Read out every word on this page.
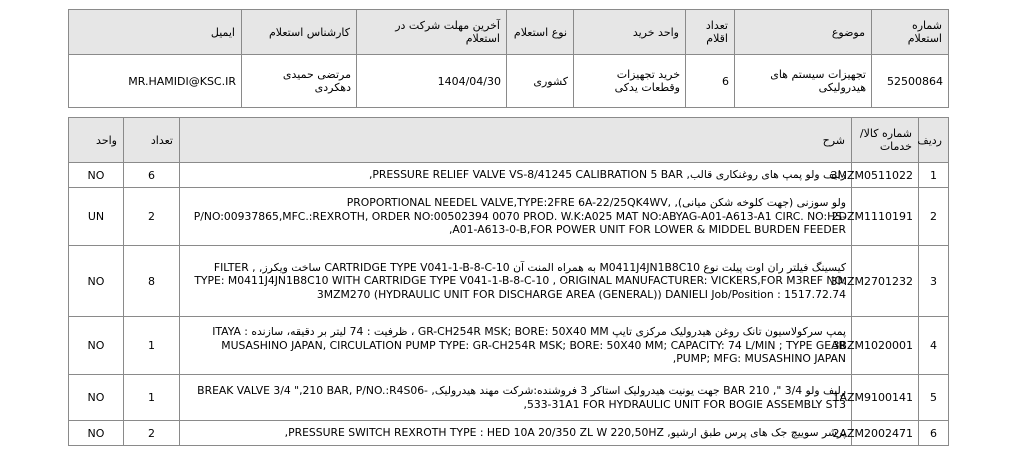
شماره استعلام	موضوع	تعداد اقلام	واحد خرید	نوع استعلام	آخرین مهلت شرکت در استعلام	کارشناس استعلام	ایمیل
52500864	تجهیزات سیستم های هیدرولیکی	6	خرید تجهیزات وقطعات یدکی	کشوری	1404/04/30	مرتضی حمیدی دهکردی	MR.HAMIDI@KSC.IR
ردیف	شماره کالا/خدمات	شرح	تعداد	واحد
1	3MZM0511022	رلیف ولو پمپ های روغنکاری قالب, PRESSURE RELIEF VALVE VS-8/41245 CALIBRATION 5 BAR,	6	NO
2	2DZM1110191	ولو سوزنی (جهت کلوخه شکن میانی), PROPORTIONAL NEEDEL VALVE,TYPE:2FRE 6A-22/25QK4WV, P/NO:00937865,MFC.:REXROTH, ORDER NO:00502394 0070 PROD. W.K:A025 MAT NO:ABYAG-A01-A613-A1 CIRC. NO:HS-A01-A613-0-B,FOR POWER UNIT FOR LOWER & MIDDEL BURDEN FEEDER,	2	UN
3	3MZM2701232	کیسینگ فیلتر ران اوت پیلت نوع M0411J4JN1B8C10 به همراه المنت آن CARTRIDGE TYPE V041-1-B-8-C-10 ساخت ویکرز, FILTER , TYPE: M0411J4JN1B8C10 WITH CARTRIDGE TYPE V041-1-B-8-C-10 , ORIGINAL MANUFACTURER: VICKERS,FOR M3REF NO. 3MZM270 (HYDRAULIC UNIT FOR DISCHARGE AREA (GENERAL)) DANIELI Job/Position : 1517.72.74	8	NO
4	3BZM1020001	پمپ سرکولاسیون تانک روغن هیدرولیک مرکزی تایپ GR-CH254R MSK; BORE: 50X40 MM ، ظرفیت : 74 لیتر بر دقیقه، سازنده : ITAYA MUSASHINO JAPAN, CIRCULATION PUMP TYPE: GR-CH254R MSK; BORE: 50X40 MM; CAPACITY: 74 L/MIN ; TYPE GEAR PUMP; MFG: MUSASHINO JAPAN,	1	NO
5	1AZM9100141	رلیف ولو 3/4 ", 210 BAR جهت یونیت هیدرولیک استاکر 3 فروشنده:شرکت مهند هیدرولیک, BREAK VALVE 3/4 ",210 BAR, P/NO.:R4S06-533-31A1 FOR HYDRAULIC UNIT FOR BOGIE ASSEMBLY ST3,	1	NO
6	2AZM2002471	پرشر سوییچ جک های پرس طبق ارشیو, PRESSURE SWITCH REXROTH TYPE : HED 10A 20/350 ZL W 220,50HZ,	2	NO
